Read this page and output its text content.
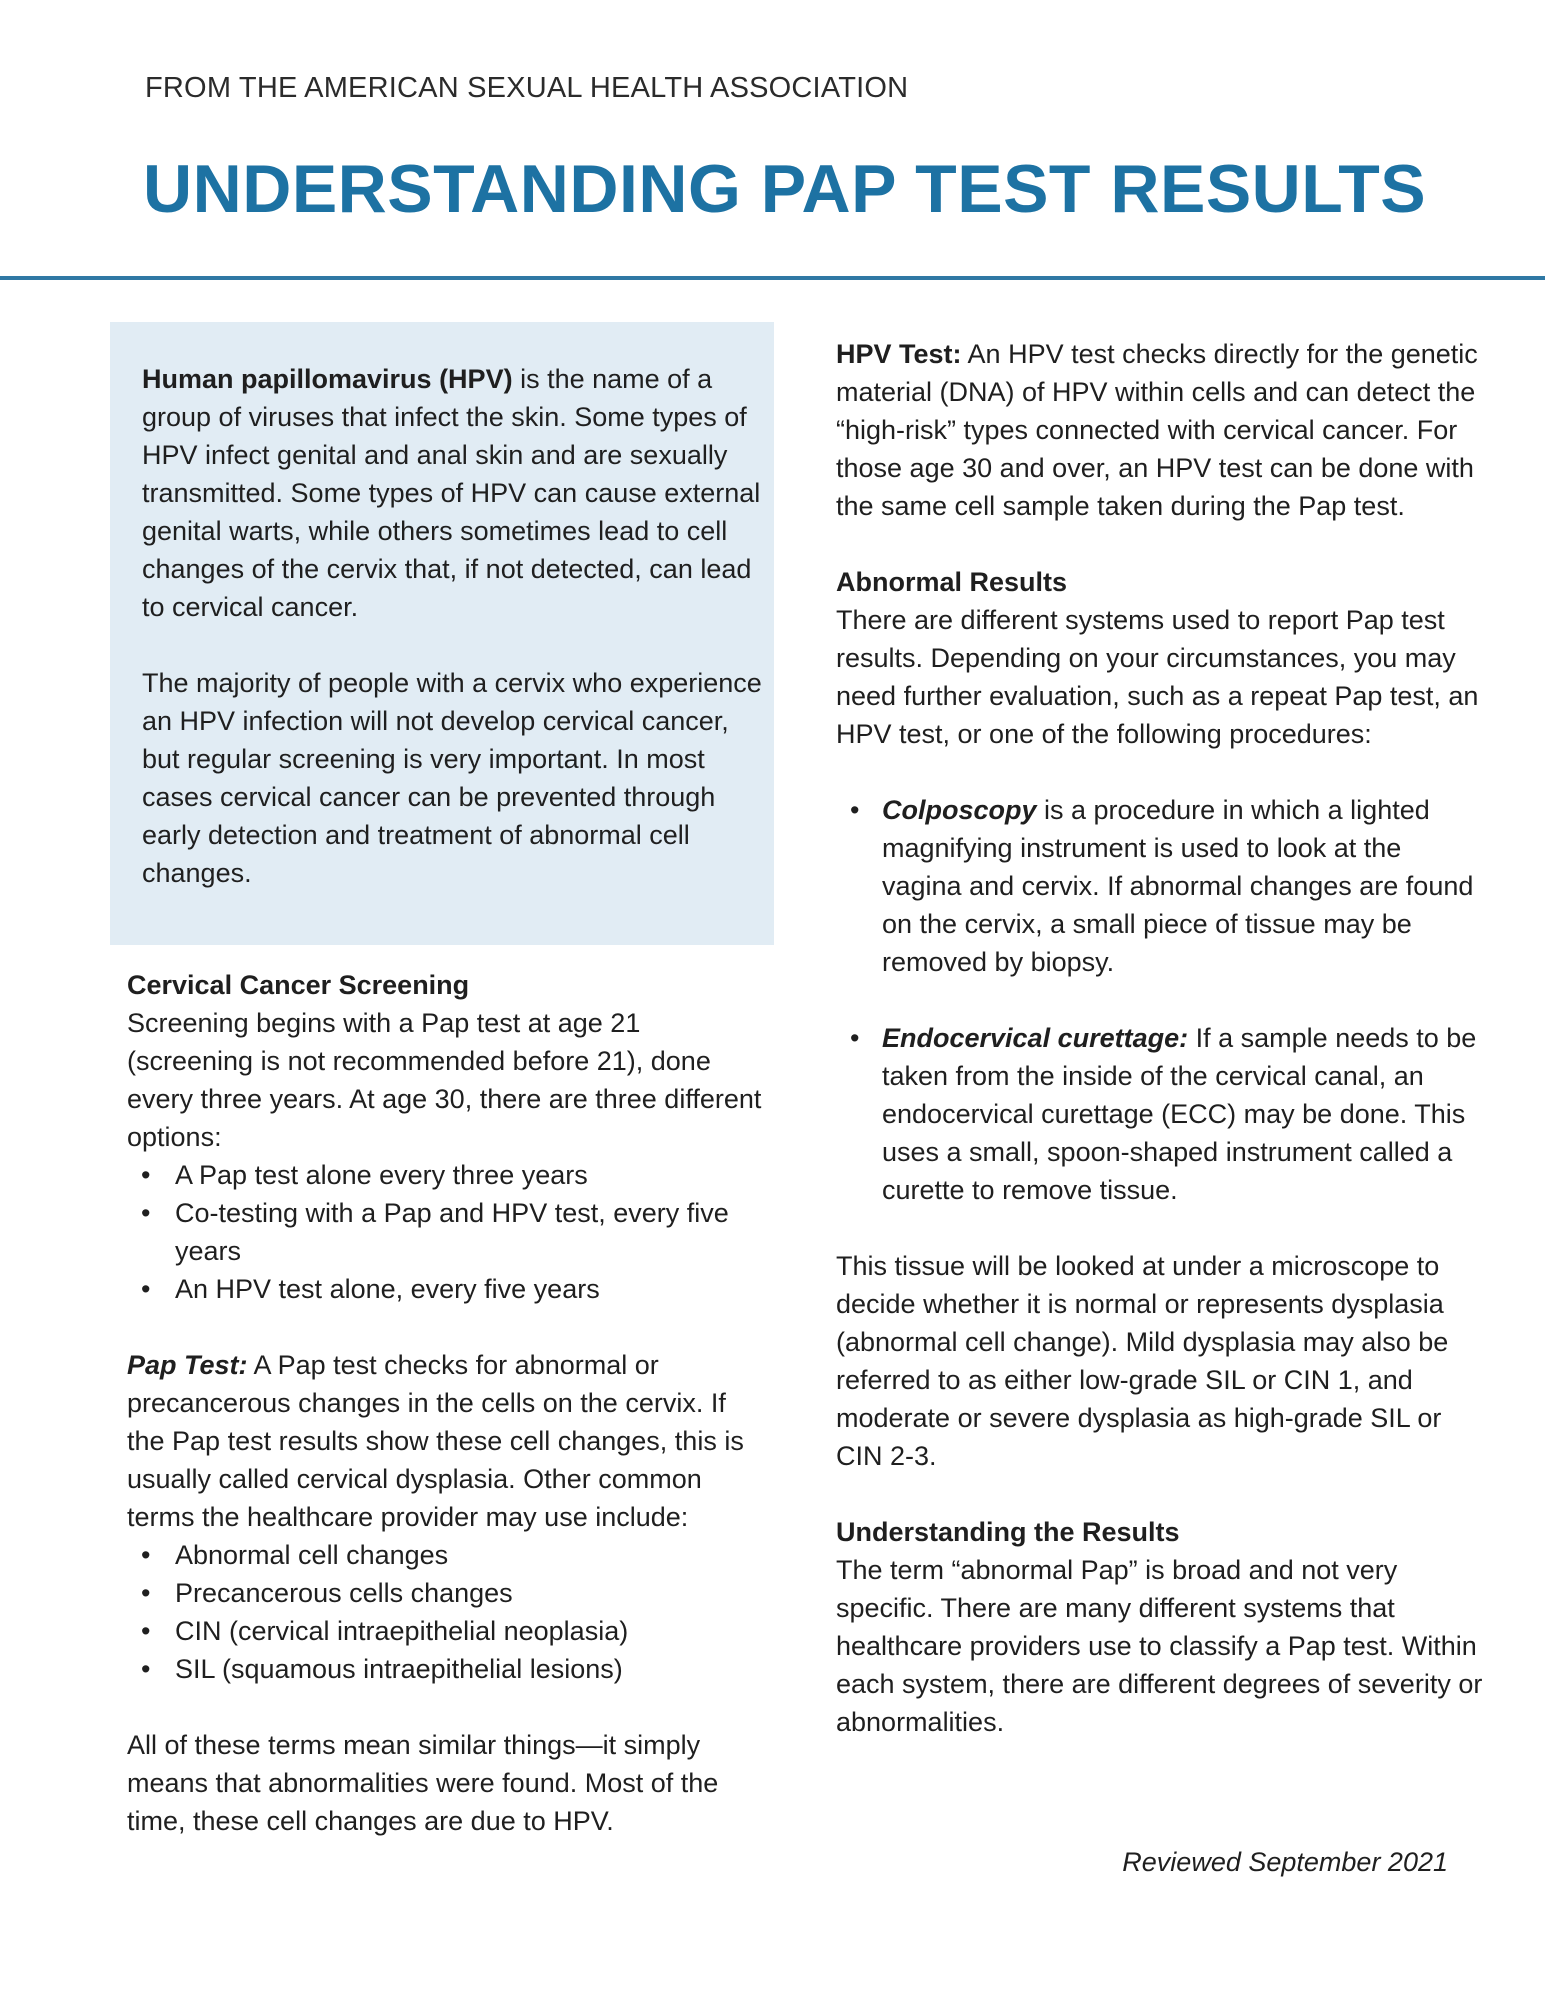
FROM THE AMERICAN SEXUAL HEALTH ASSOCIATION
UNDERSTANDING PAP TEST RESULTS

Human papillomavirus (HPV) is the name of a group of viruses that infect the skin. Some types of HPV infect genital and anal skin and are sexually transmitted. Some types of HPV can cause external genital warts, while others sometimes lead to cell changes of the cervix that, if not detected, can lead to cervical cancer.

The majority of people with a cervix who experience an HPV infection will not develop cervical cancer, but regular screening is very important. In most cases cervical cancer can be prevented through early detection and treatment of abnormal cell changes.

Cervical Cancer Screening

Screening begins with a Pap test at age 21 (screening is not recommended before 21), done every three years. At age 30, there are three different options:

• A Pap test alone every three years
• Co-testing with a Pap and HPV test, every five years
• An HPV test alone, every five years

Pap Test: A Pap test checks for abnormal or precancerous changes in the cells on the cervix. If the Pap test results show these cell changes, this is usually called cervical dysplasia. Other common terms the healthcare provider may use include:

• Abnormal cell changes
• Precancerous cells changes
• CIN (cervical intraepithelial neoplasia)
• SIL (squamous intraepithelial lesions)

All of these terms mean similar things—it simply means that abnormalities were found. Most of the time, these cell changes are due to HPV.

HPV Test: An HPV test checks directly for the genetic material (DNA) of HPV within cells and can detect the “high-risk” types connected with cervical cancer. For those age 30 and over, an HPV test can be done with the same cell sample taken during the Pap test.

Abnormal Results

There are different systems used to report Pap test results. Depending on your circumstances, you may need further evaluation, such as a repeat Pap test, an HPV test, or one of the following procedures:

• Colposcopy is a procedure in which a lighted magnifying instrument is used to look at the vagina and cervix. If abnormal changes are found on the cervix, a small piece of tissue may be removed by biopsy.
• Endocervical curettage: If a sample needs to be taken from the inside of the cervical canal, an endocervical curettage (ECC) may be done. This uses a small, spoon-shaped instrument called a curette to remove tissue.

This tissue will be looked at under a microscope to decide whether it is normal or represents dysplasia (abnormal cell change). Mild dysplasia may also be referred to as either low-grade SIL or CIN 1, and moderate or severe dysplasia as high-grade SIL or CIN 2-3.

Understanding the Results

The term “abnormal Pap” is broad and not very specific. There are many different systems that healthcare providers use to classify a Pap test. Within each system, there are different degrees of severity or abnormalities.

Reviewed September 2021
